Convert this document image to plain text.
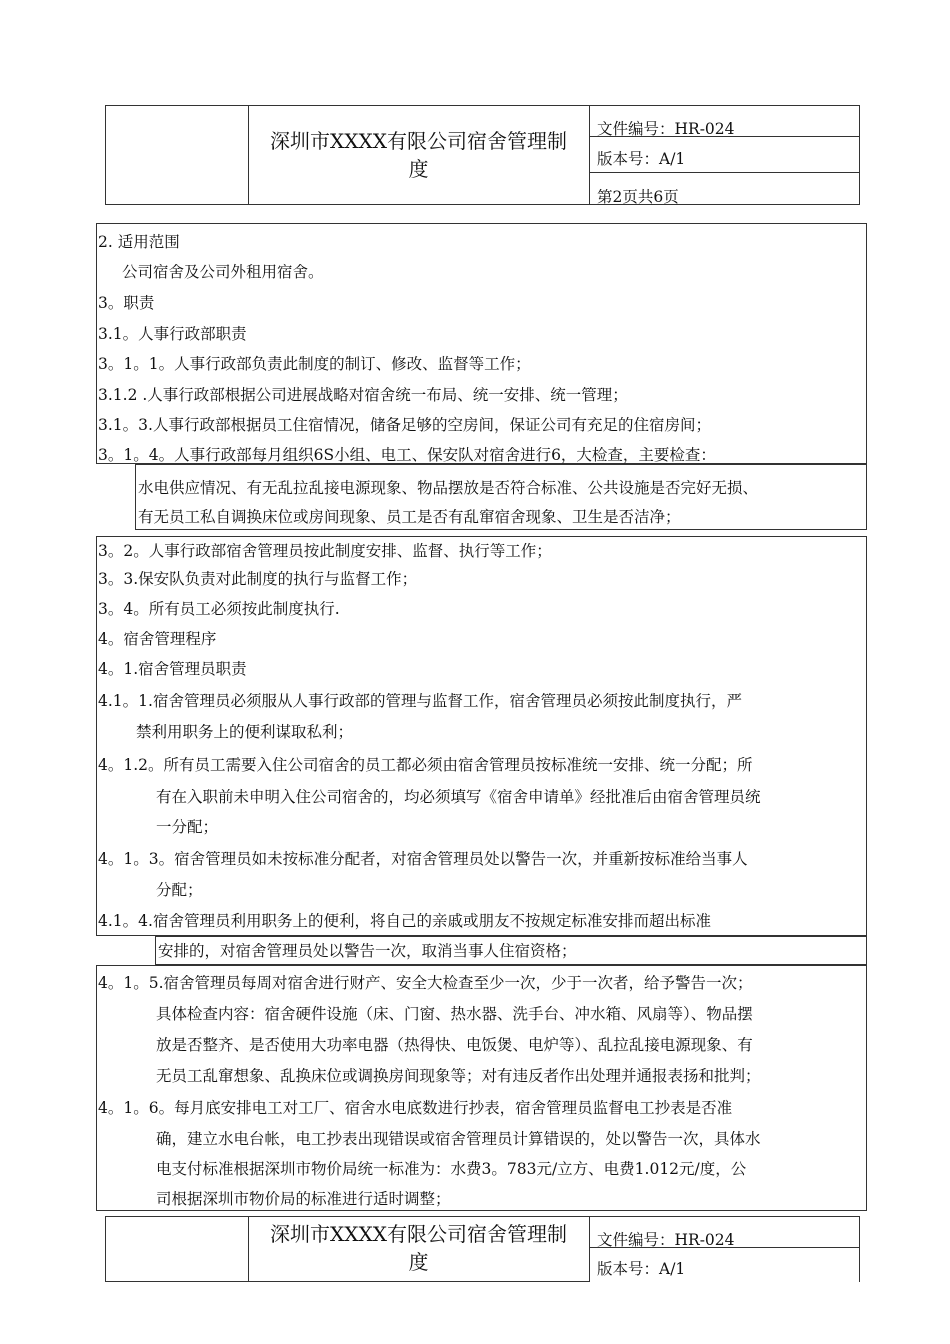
深圳市XXXX有限公司宿舍管理制
度
文件编号：HR-024
版本号：A/1
第2页共6页
2. 适用范围
公司宿舍及公司外租用宿舍。
3。职责
3.1。人事行政部职责
3。1。1。人事行政部负责此制度的制订、修改、监督等工作；
3.1.2 .人事行政部根据公司进展战略对宿舍统一布局、统一安排、统一管理；
3.1。3.人事行政部根据员工住宿情况，储备足够的空房间，保证公司有充足的住宿房间；
3。1。4。人事行政部每月组织6S小组、电工、保安队对宿舍进行6，大检查，主要检查：
水电供应情况、有无乱拉乱接电源现象、物品摆放是否符合标准、公共设施是否完好无损、
有无员工私自调换床位或房间现象、员工是否有乱窜宿舍现象、卫生是否洁净；
3。2。人事行政部宿舍管理员按此制度安排、监督、执行等工作；
3。3.保安队负责对此制度的执行与监督工作；
3。4。所有员工必须按此制度执行.
4。宿舍管理程序
4。1.宿舍管理员职责
4.1。1.宿舍管理员必须服从人事行政部的管理与监督工作，宿舍管理员必须按此制度执行，严
禁利用职务上的便利谋取私利；
4。1.2。所有员工需要入住公司宿舍的员工都必须由宿舍管理员按标准统一安排、统一分配；所
有在入职前未申明入住公司宿舍的，均必须填写《宿舍申请单》经批准后由宿舍管理员统
一分配；
4。1。3。宿舍管理员如未按标准分配者，对宿舍管理员处以警告一次，并重新按标准给当事人
分配；
4.1。4.宿舍管理员利用职务上的便利，将自己的亲戚或朋友不按规定标准安排而超出标准
安排的，对宿舍管理员处以警告一次，取消当事人住宿资格；
4。1。5.宿舍管理员每周对宿舍进行财产、安全大检查至少一次，少于一次者，给予警告一次；
具体检查内容：宿舍硬件设施（床、门窗、热水器、洗手台、冲水箱、风扇等）、物品摆
放是否整齐、是否使用大功率电器（热得快、电饭煲、电炉等）、乱拉乱接电源现象、有
无员工乱窜想象、乱换床位或调换房间现象等；对有违反者作出处理并通报表扬和批判；
4。1。6。每月底安排电工对工厂、宿舍水电底数进行抄表，宿舍管理员监督电工抄表是否准
确，建立水电台帐，电工抄表出现错误或宿舍管理员计算错误的，处以警告一次，具体水
电支付标准根据深圳市物价局统一标准为：水费3。783元/立方、电费1.012元/度，公
司根据深圳市物价局的标准进行适时调整；
深圳市XXXX有限公司宿舍管理制
度
文件编号：HR-024
版本号：A/1
